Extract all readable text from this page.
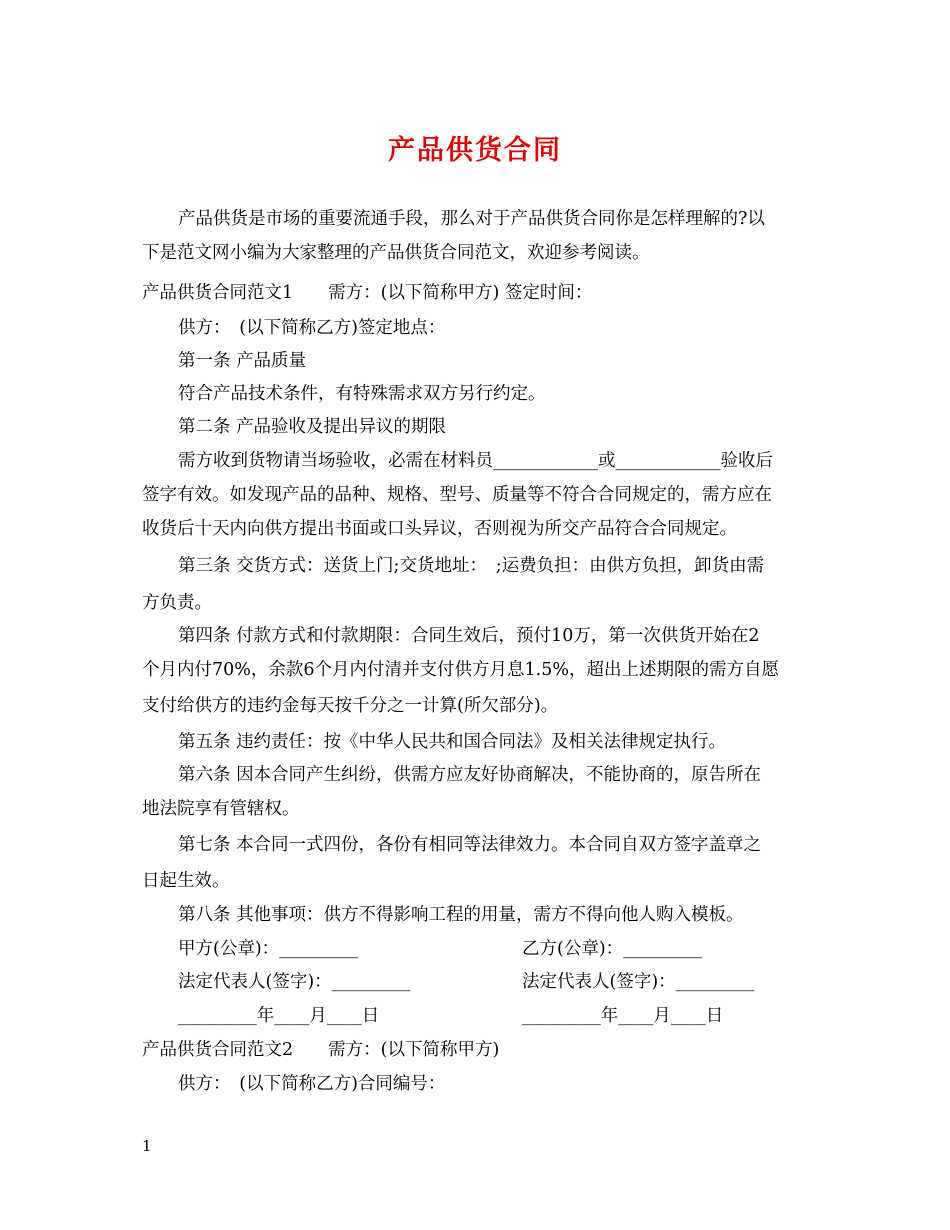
产品供货合同
产品供货是市场的重要流通手段，那么对于产品供货合同你是怎样理解的?以
下是范文网小编为大家整理的产品供货合同范文，欢迎参考阅读。
产品供货合同范文1　　需方：(以下简称甲方) 签定时间：
供方：　(以下简称乙方)签定地点：
第一条 产品质量
符合产品技术条件，有特殊需求双方另行约定。
第二条 产品验收及提出异议的期限
需方收到货物请当场验收，必需在材料员____________或____________验收后
签字有效。如发现产品的品种、规格、型号、质量等不符合合同规定的，需方应在
收货后十天内向供方提出书面或口头异议，否则视为所交产品符合合同规定。
第三条 交货方式：送货上门;交货地址：　;运费负担：由供方负担，卸货由需
方负责。
第四条 付款方式和付款期限：合同生效后，预付10万，第一次供货开始在2
个月内付70%，余款6个月内付清并支付供方月息1.5%，超出上述期限的需方自愿
支付给供方的违约金每天按千分之一计算(所欠部分)。
第五条 违约责任：按《中华人民共和国合同法》及相关法律规定执行。
第六条 因本合同产生纠纷，供需方应友好协商解决，不能协商的，原告所在
地法院享有管辖权。
第七条 本合同一式四份，各份有相同等法律效力。本合同自双方签字盖章之
日起生效。
第八条 其他事项：供方不得影响工程的用量，需方不得向他人购入模板。
甲方(公章)：_________	乙方(公章)：_________
法定代表人(签字)：_________	法定代表人(签字)：_________
_________年____月____日	_________年____月____日
产品供货合同范文2　　需方：(以下简称甲方)
供方：　(以下简称乙方)合同编号：
1
